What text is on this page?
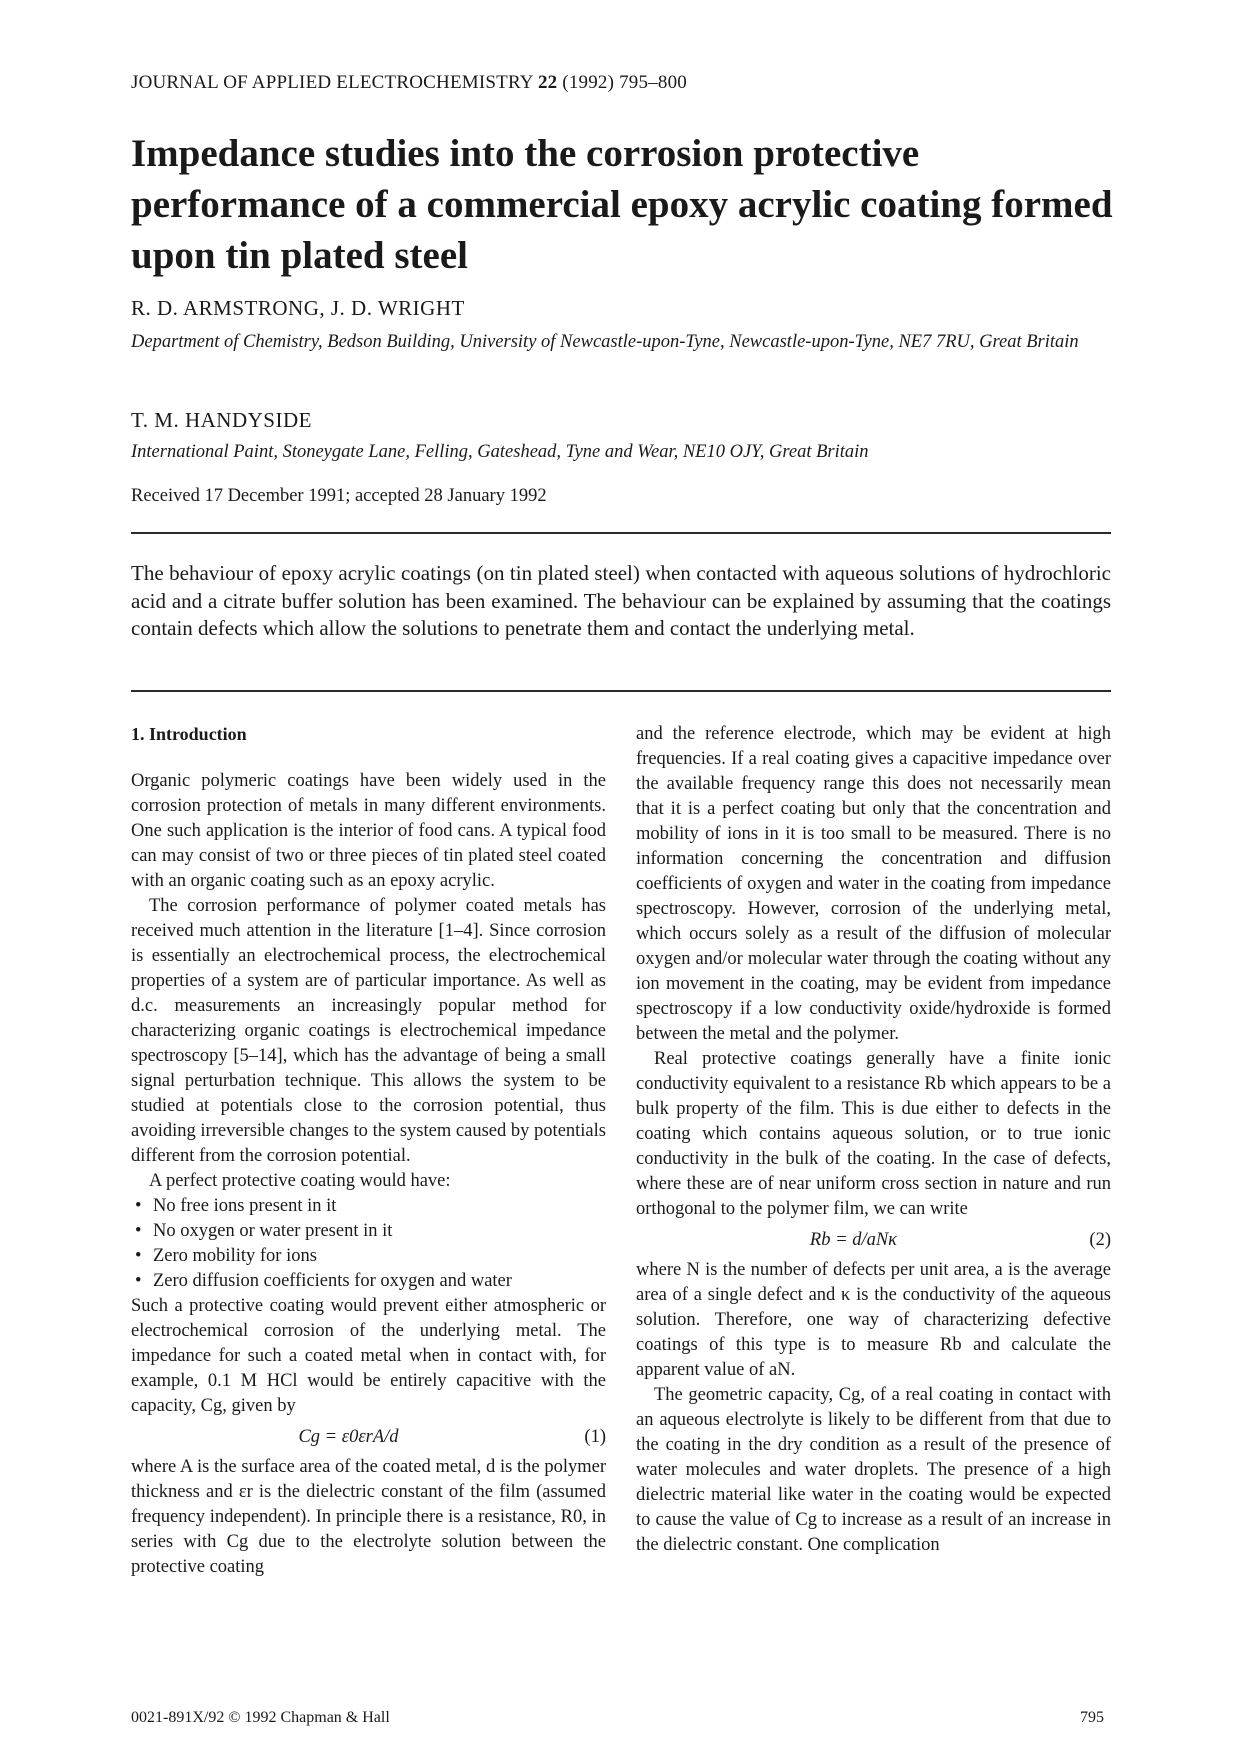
JOURNAL OF APPLIED ELECTROCHEMISTRY 22 (1992) 795–800
Impedance studies into the corrosion protective performance of a commercial epoxy acrylic coating formed upon tin plated steel
R. D. ARMSTRONG, J. D. WRIGHT
Department of Chemistry, Bedson Building, University of Newcastle-upon-Tyne, Newcastle-upon-Tyne, NE7 7RU, Great Britain
T. M. HANDYSIDE
International Paint, Stoneygate Lane, Felling, Gateshead, Tyne and Wear, NE10 OJY, Great Britain
Received 17 December 1991; accepted 28 January 1992
The behaviour of epoxy acrylic coatings (on tin plated steel) when contacted with aqueous solutions of hydrochloric acid and a citrate buffer solution has been examined. The behaviour can be explained by assuming that the coatings contain defects which allow the solutions to penetrate them and contact the underlying metal.
1. Introduction

Organic polymeric coatings have been widely used in the corrosion protection of metals in many different environments. One such application is the interior of food cans. A typical food can may consist of two or three pieces of tin plated steel coated with an organic coating such as an epoxy acrylic.

The corrosion performance of polymer coated metals has received much attention in the literature [1–4]. Since corrosion is essentially an electrochemical process, the electrochemical properties of a system are of particular importance. As well as d.c. measurements an increasingly popular method for characterizing organic coatings is electrochemical impedance spectroscopy [5–14], which has the advantage of being a small signal perturbation technique. This allows the system to be studied at potentials close to the corrosion potential, thus avoiding irreversible changes to the system caused by potentials different from the corrosion potential.

A perfect protective coating would have:

• No free ions present in it
• No oxygen or water present in it
• Zero mobility for ions
• Zero diffusion coefficients for oxygen and water

Such a protective coating would prevent either atmospheric or electrochemical corrosion of the underlying metal. The impedance for such a coated metal when in contact with, for example, 0.1 M HCl would be entirely capacitive with the capacity, Cg, given by

Cg = ε0εrA/d	(1)

where A is the surface area of the coated metal, d is the polymer thickness and εr is the dielectric constant of the film (assumed frequency independent). In principle there is a resistance, R0, in series with Cg due to the electrolyte solution between the protective coating

and the reference electrode, which may be evident at high frequencies. If a real coating gives a capacitive impedance over the available frequency range this does not necessarily mean that it is a perfect coating but only that the concentration and mobility of ions in it is too small to be measured. There is no information concerning the concentration and diffusion coefficients of oxygen and water in the coating from impedance spectroscopy. However, corrosion of the underlying metal, which occurs solely as a result of the diffusion of molecular oxygen and/or molecular water through the coating without any ion movement in the coating, may be evident from impedance spectroscopy if a low conductivity oxide/hydroxide is formed between the metal and the polymer.

Real protective coatings generally have a finite ionic conductivity equivalent to a resistance Rb which appears to be a bulk property of the film. This is due either to defects in the coating which contains aqueous solution, or to true ionic conductivity in the bulk of the coating. In the case of defects, where these are of near uniform cross section in nature and run orthogonal to the polymer film, we can write

Rb = d/aNκ	(2)

where N is the number of defects per unit area, a is the average area of a single defect and κ is the conductivity of the aqueous solution. Therefore, one way of characterizing defective coatings of this type is to measure Rb and calculate the apparent value of aN.

The geometric capacity, Cg, of a real coating in contact with an aqueous electrolyte is likely to be different from that due to the coating in the dry condition as a result of the presence of water molecules and water droplets. The presence of a high dielectric material like water in the coating would be expected to cause the value of Cg to increase as a result of an increase in the dielectric constant. One complication

0021-891X/92 © 1992 Chapman & Hall	795
